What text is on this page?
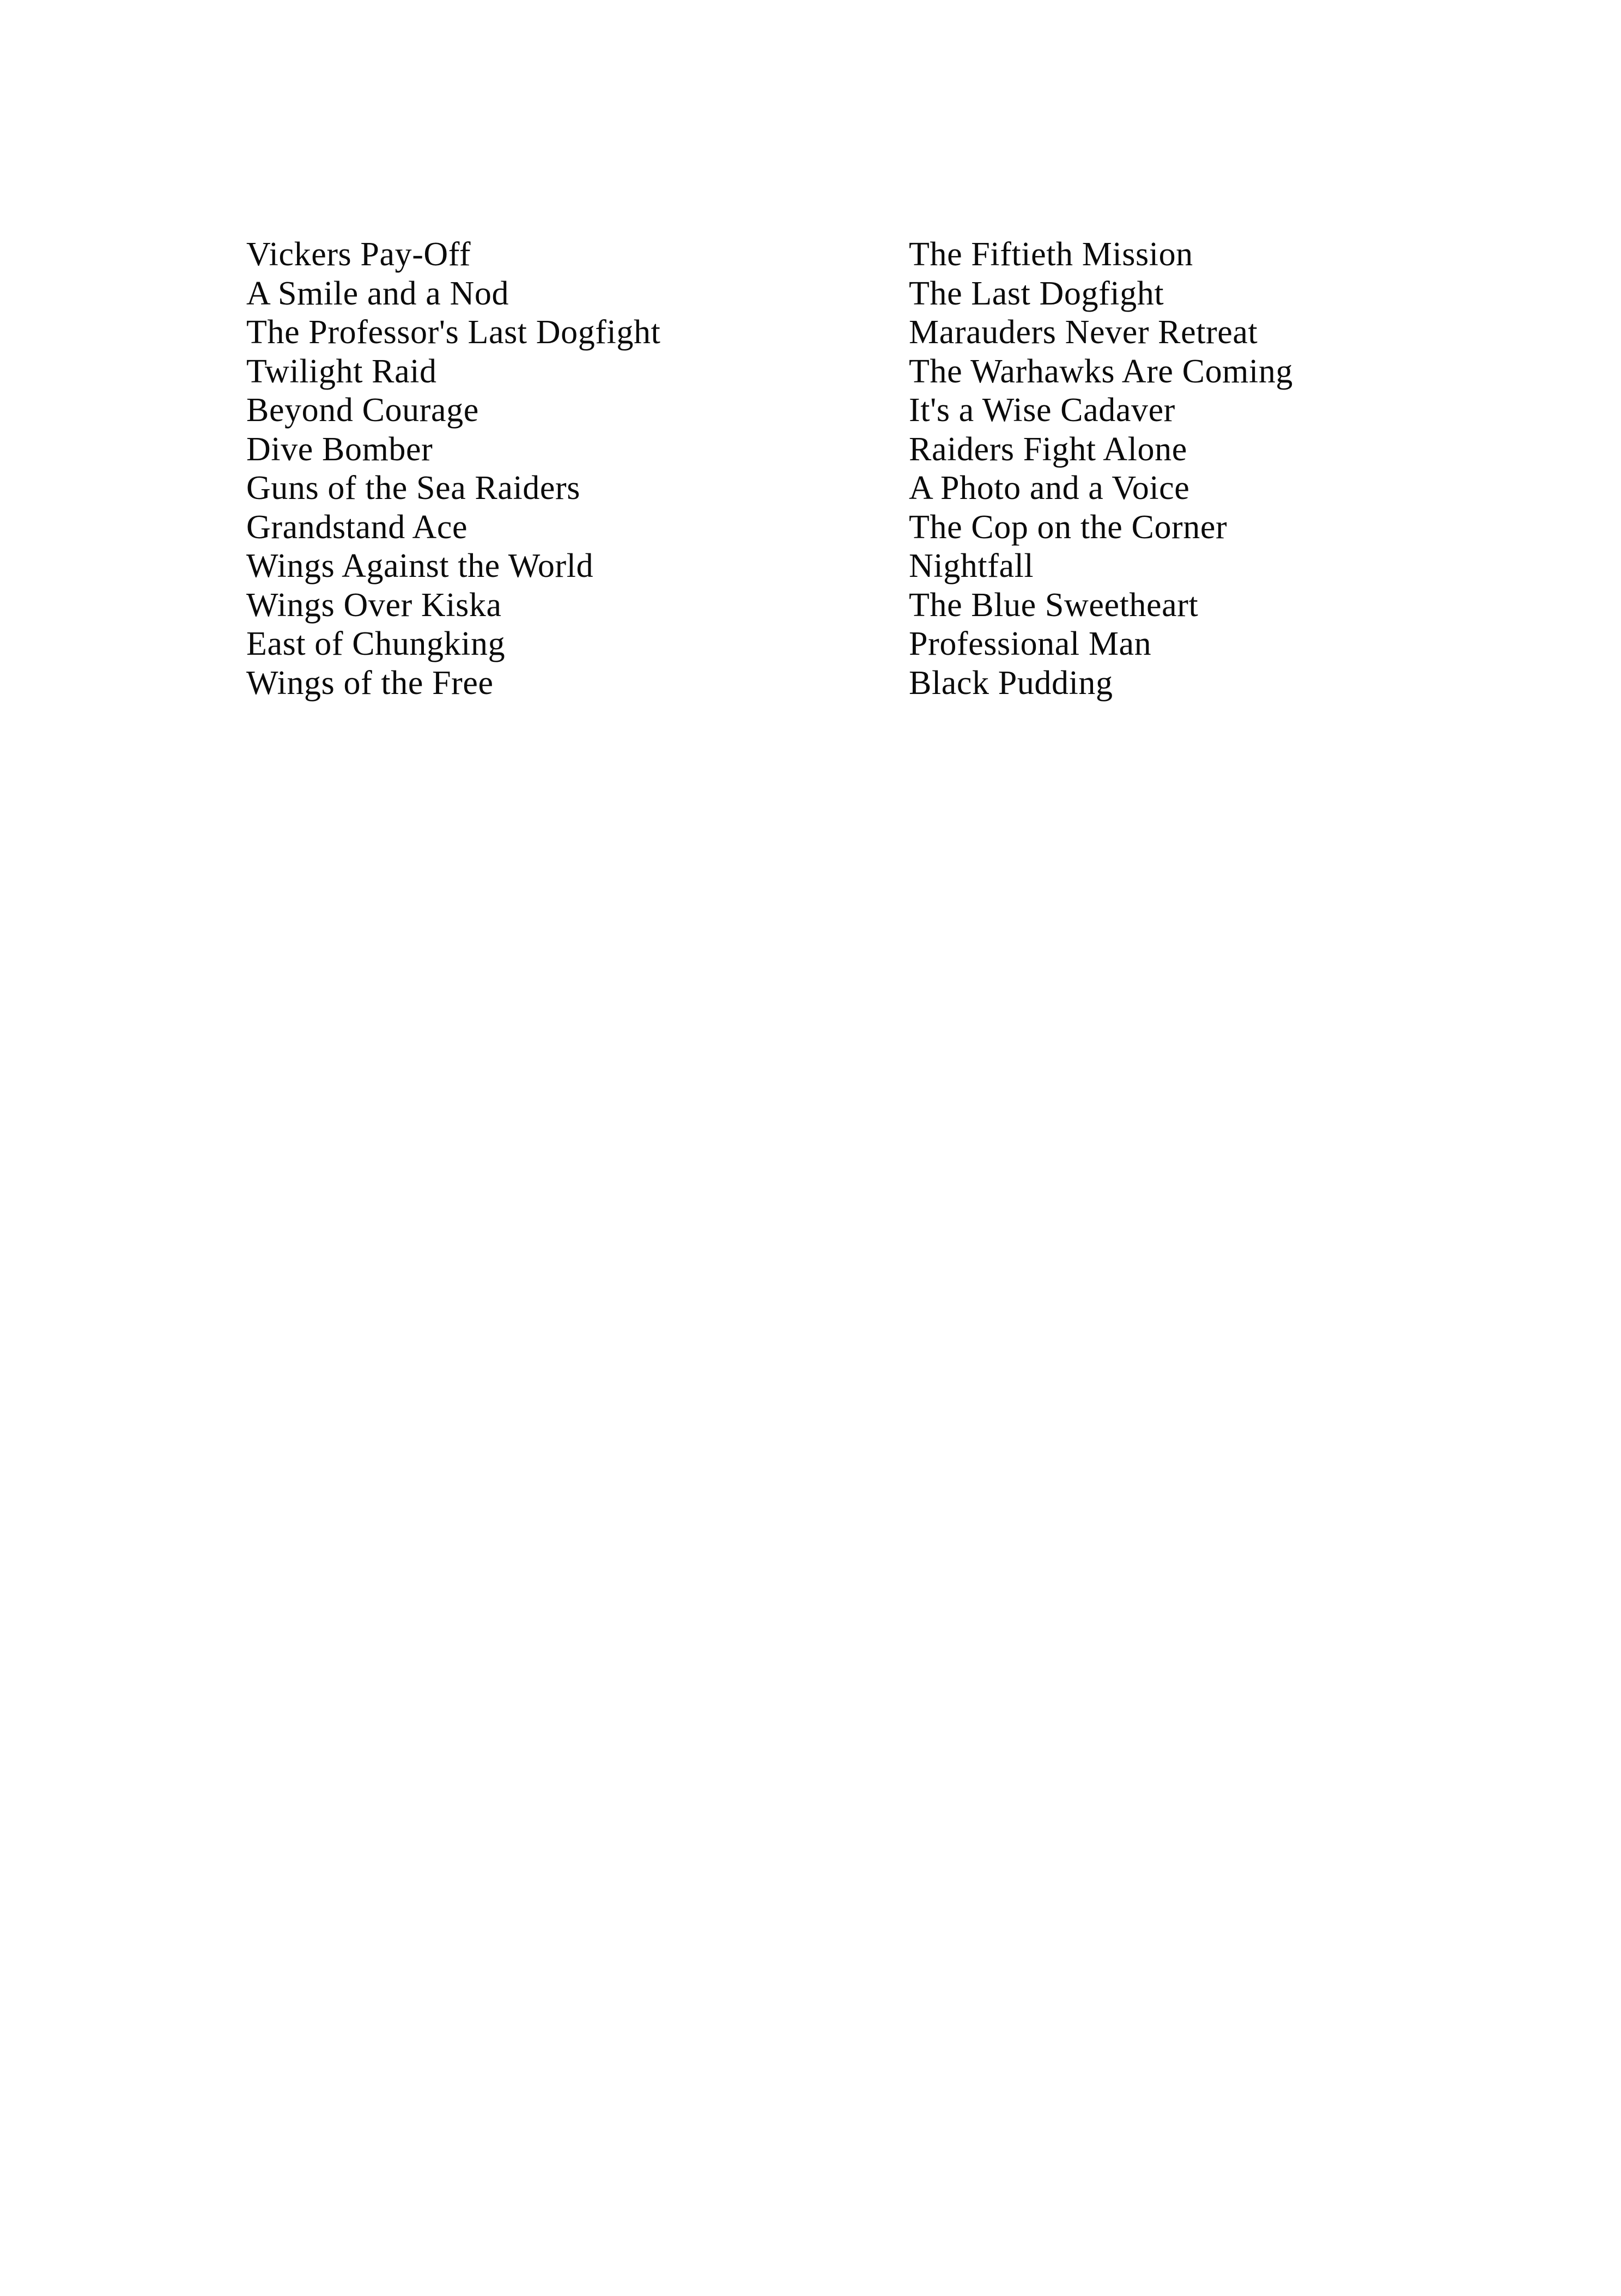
Vickers Pay-Off
A Smile and a Nod
The Professor's Last Dogfight
Twilight Raid
Beyond Courage
Dive Bomber
Guns of the Sea Raiders
Grandstand Ace
Wings Against the World
Wings Over Kiska
East of Chungking
Wings of the Free
The Fiftieth Mission
The Last Dogfight
Marauders Never Retreat
The Warhawks Are Coming
It's a Wise Cadaver
Raiders Fight Alone
A Photo and a Voice
The Cop on the Corner
Nightfall
The Blue Sweetheart
Professional Man
Black Pudding
